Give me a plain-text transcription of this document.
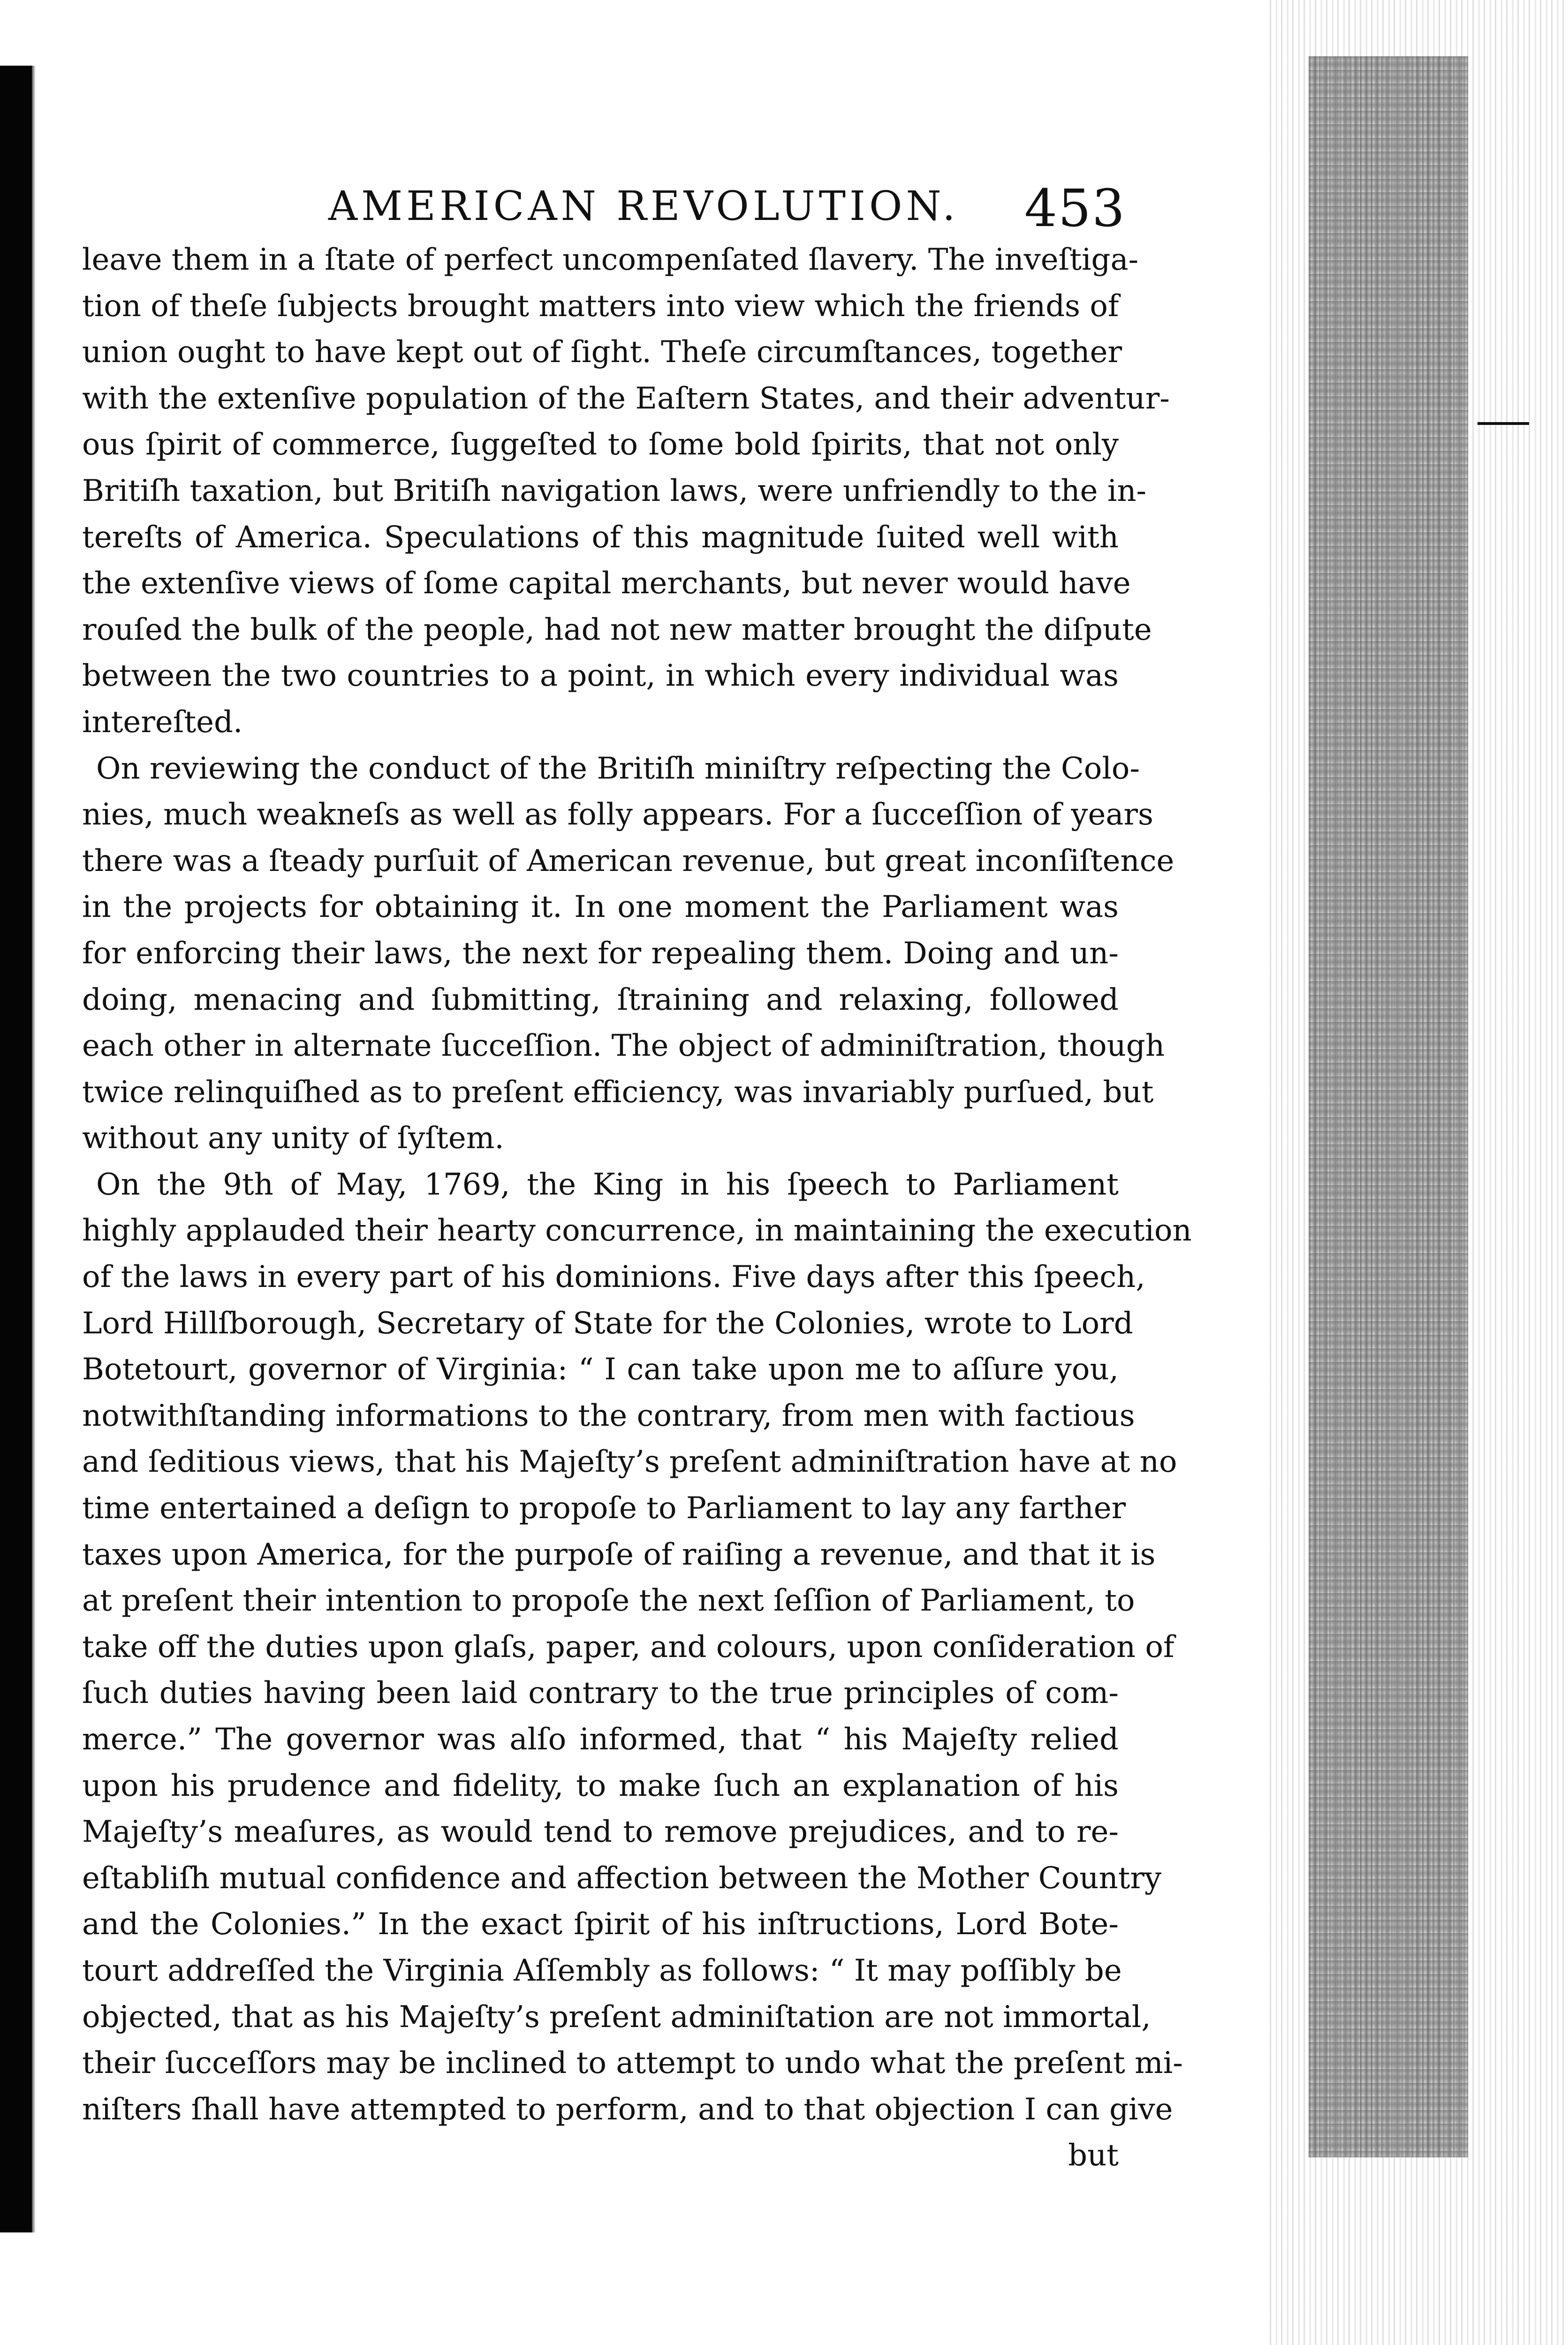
AMERICAN REVOLUTION. 453
leave them in a ſtate of perfect uncompenſated ſlavery. The inveſtiga-
tion of theſe ſubjects brought matters into view which the friends of
union ought to have kept out of ſight. Theſe circumſtances, together
with the extenſive population of the Eaſtern States, and their adventur-
ous ſpirit of commerce, ſuggeſted to ſome bold ſpirits, that not only
Britiſh taxation, but Britiſh navigation laws, were unfriendly to the in-
tereſts of America. Speculations of this magnitude ſuited well with
the extenſive views of ſome capital merchants, but never would have
rouſed the bulk of the people, had not new matter brought the diſpute
between the two countries to a point, in which every individual was
intereſted.
On reviewing the conduct of the Britiſh miniſtry reſpecting the Colo-
nies, much weakneſs as well as folly appears. For a ſucceſſion of years
there was a ſteady purſuit of American revenue, but great inconſiſtence
in the projects for obtaining it. In one moment the Parliament was
for enforcing their laws, the next for repealing them. Doing and un-
doing, menacing and ſubmitting, ſtraining and relaxing, followed
each other in alternate ſucceſſion. The object of adminiſtration, though
twice relinquiſhed as to preſent efficiency, was invariably purſued, but
without any unity of ſyſtem.
On the 9th of May, 1769, the King in his ſpeech to Parliament
highly applauded their hearty concurrence, in maintaining the execution
of the laws in every part of his dominions. Five days after this ſpeech,
Lord Hillſborough, Secretary of State for the Colonies, wrote to Lord
Botetourt, governor of Virginia: “ I can take upon me to aſſure you,
notwithſtanding informations to the contrary, from men with factious
and ſeditious views, that his Majeſty’s preſent adminiſtration have at no
time entertained a deſign to propoſe to Parliament to lay any farther
taxes upon America, for the purpoſe of raiſing a revenue, and that it is
at preſent their intention to propoſe the next ſeſſion of Parliament, to
take off the duties upon glaſs, paper, and colours, upon conſideration of
ſuch duties having been laid contrary to the true principles of com-
merce.” The governor was alſo informed, that “ his Majeſty relied
upon his prudence and fidelity, to make ſuch an explanation of his
Majeſty’s meaſures, as would tend to remove prejudices, and to re-
eſtabliſh mutual confidence and affection between the Mother Country
and the Colonies.” In the exact ſpirit of his inſtructions, Lord Bote-
tourt addreſſed the Virginia Aſſembly as follows: “ It may poſſibly be
objected, that as his Majeſty’s preſent adminiſtation are not immortal,
their ſucceſſors may be inclined to attempt to undo what the preſent mi-
niſters ſhall have attempted to perform, and to that objection I can give
but
